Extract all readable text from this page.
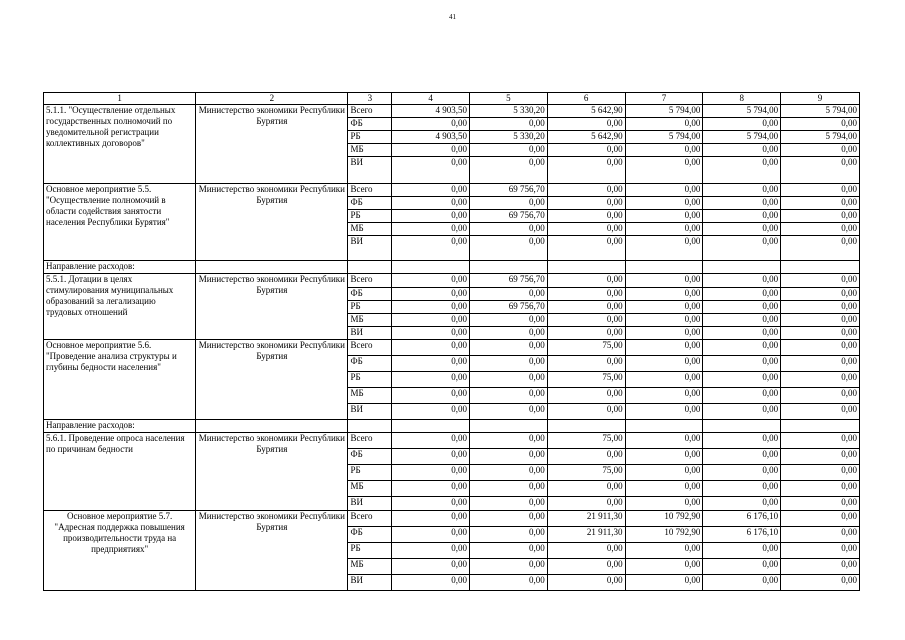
41
1	2	3	4	5	6	7	8	9
5.1.1. "Осуществление отдельных государственных полномочий по уведомительной регистрации коллективных договоров"	Министерство экономики Республики Бурятия	Всего	4 903,50	5 330,20	5 642,90	5 794,00	5 794,00	5 794,00
		ФБ	0,00	0,00	0,00	0,00	0,00	0,00
		РБ	4 903,50	5 330,20	5 642,90	5 794,00	5 794,00	5 794,00
		МБ	0,00	0,00	0,00	0,00	0,00	0,00
		ВИ	0,00	0,00	0,00	0,00	0,00	0,00
Основное мероприятие 5.5. "Осуществление полномочий в области содействия занятости населения Республики Бурятия"	Министерство экономики Республики Бурятия	Всего	0,00	69 756,70	0,00	0,00	0,00	0,00
		ФБ	0,00	0,00	0,00	0,00	0,00	0,00
		РБ	0,00	69 756,70	0,00	0,00	0,00	0,00
		МБ	0,00	0,00	0,00	0,00	0,00	0,00
		ВИ	0,00	0,00	0,00	0,00	0,00	0,00
Направление расходов:								
5.5.1. Дотации в целях стимулирования муниципальных образований за легализацию трудовых отношений	Министерство экономики Республики Бурятия	Всего	0,00	69 756,70	0,00	0,00	0,00	0,00
		ФБ	0,00	0,00	0,00	0,00	0,00	0,00
		РБ	0,00	69 756,70	0,00	0,00	0,00	0,00
		МБ	0,00	0,00	0,00	0,00	0,00	0,00
		ВИ	0,00	0,00	0,00	0,00	0,00	0,00
Основное мероприятие 5.6. "Проведение анализа структуры и глубины бедности населения"	Министерство экономики Республики Бурятия	Всего	0,00	0,00	75,00	0,00	0,00	0,00
		ФБ	0,00	0,00	0,00	0,00	0,00	0,00
		РБ	0,00	0,00	75,00	0,00	0,00	0,00
		МБ	0,00	0,00	0,00	0,00	0,00	0,00
		ВИ	0,00	0,00	0,00	0,00	0,00	0,00
Направление расходов:								
5.6.1. Проведение опроса населения по причинам бедности	Министерство экономики Республики Бурятия	Всего	0,00	0,00	75,00	0,00	0,00	0,00
		ФБ	0,00	0,00	0,00	0,00	0,00	0,00
		РБ	0,00	0,00	75,00	0,00	0,00	0,00
		МБ	0,00	0,00	0,00	0,00	0,00	0,00
		ВИ	0,00	0,00	0,00	0,00	0,00	0,00
Основное мероприятие 5.7. "Адресная поддержка повышения производительности труда на предприятиях"	Министерство экономики Республики Бурятия	Всего	0,00	0,00	21 911,30	10 792,90	6 176,10	0,00
		ФБ	0,00	0,00	21 911,30	10 792,90	6 176,10	0,00
		РБ	0,00	0,00	0,00	0,00	0,00	0,00
		МБ	0,00	0,00	0,00	0,00	0,00	0,00
		ВИ	0,00	0,00	0,00	0,00	0,00	0,00
